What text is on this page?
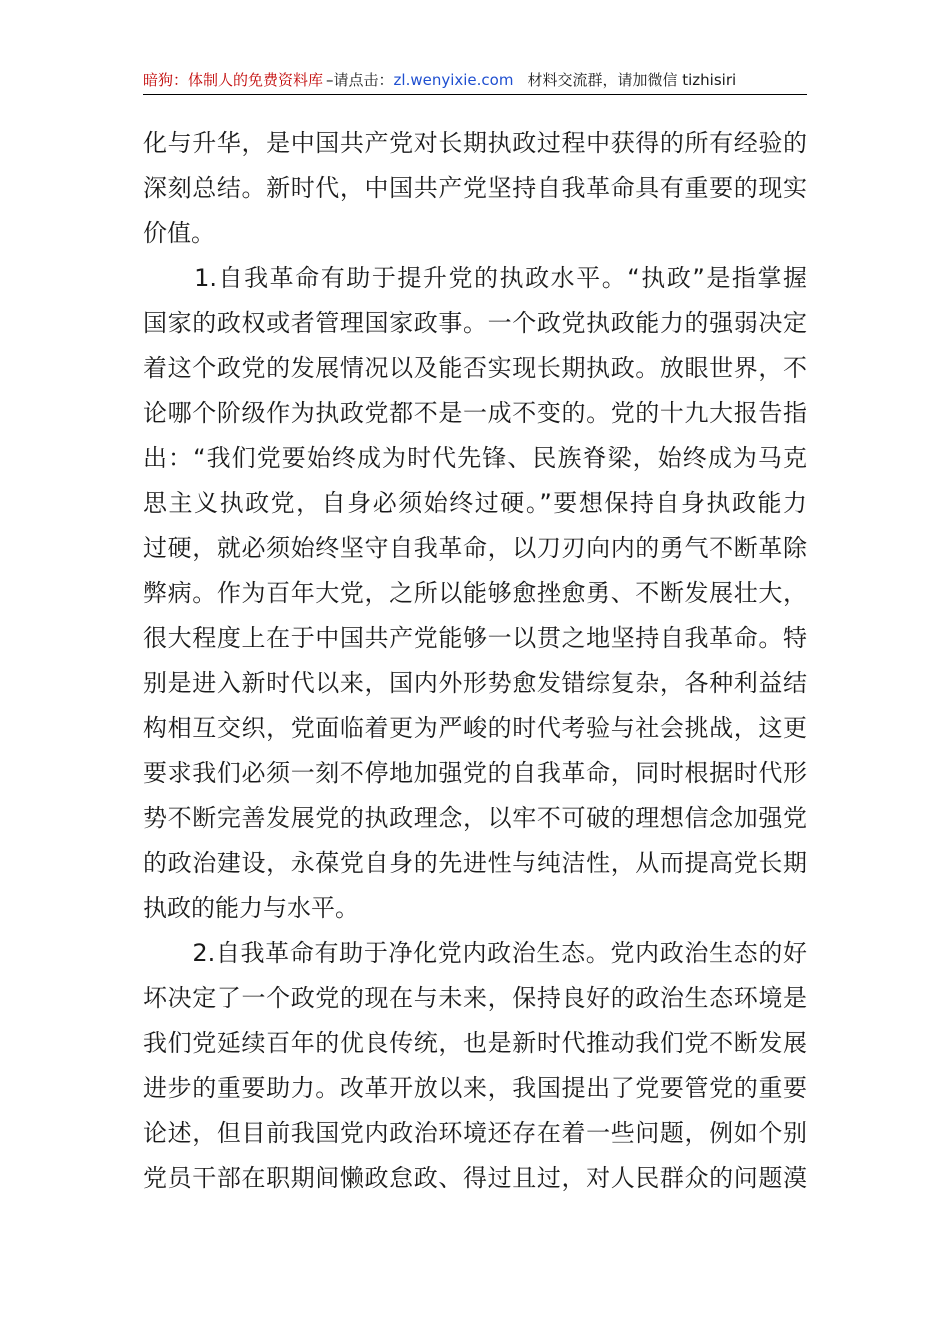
暗狗：体制人的免费资料库 –请点击：zl.wenyixie.com 材料交流群，请加微信 tizhisiri

化与升华，是中国共产党对长期执政过程中获得的所有经验的
深刻总结。新时代，中国共产党坚持自我革命具有重要的现实
价值。

　　1.自我革命有助于提升党的执政水平。“执政”是指掌握
国家的政权或者管理国家政事。一个政党执政能力的强弱决定
着这个政党的发展情况以及能否实现长期执政。放眼世界，不
论哪个阶级作为执政党都不是一成不变的。党的十九大报告指
出：“我们党要始终成为时代先锋、民族脊梁，始终成为马克
思主义执政党，自身必须始终过硬。”要想保持自身执政能力
过硬，就必须始终坚守自我革命，以刀刃向内的勇气不断革除
弊病。作为百年大党，之所以能够愈挫愈勇、不断发展壮大，
很大程度上在于中国共产党能够一以贯之地坚持自我革命。特
别是进入新时代以来，国内外形势愈发错综复杂，各种利益结
构相互交织，党面临着更为严峻的时代考验与社会挑战，这更
要求我们必须一刻不停地加强党的自我革命，同时根据时代形
势不断完善发展党的执政理念，以牢不可破的理想信念加强党
的政治建设，永葆党自身的先进性与纯洁性，从而提高党长期
执政的能力与水平。

　　2.自我革命有助于净化党内政治生态。党内政治生态的好
坏决定了一个政党的现在与未来，保持良好的政治生态环境是
我们党延续百年的优良传统，也是新时代推动我们党不断发展
进步的重要助力。改革开放以来，我国提出了党要管党的重要
论述，但目前我国党内政治环境还存在着一些问题，例如个别
党员干部在职期间懒政怠政、得过且过，对人民群众的问题漠
